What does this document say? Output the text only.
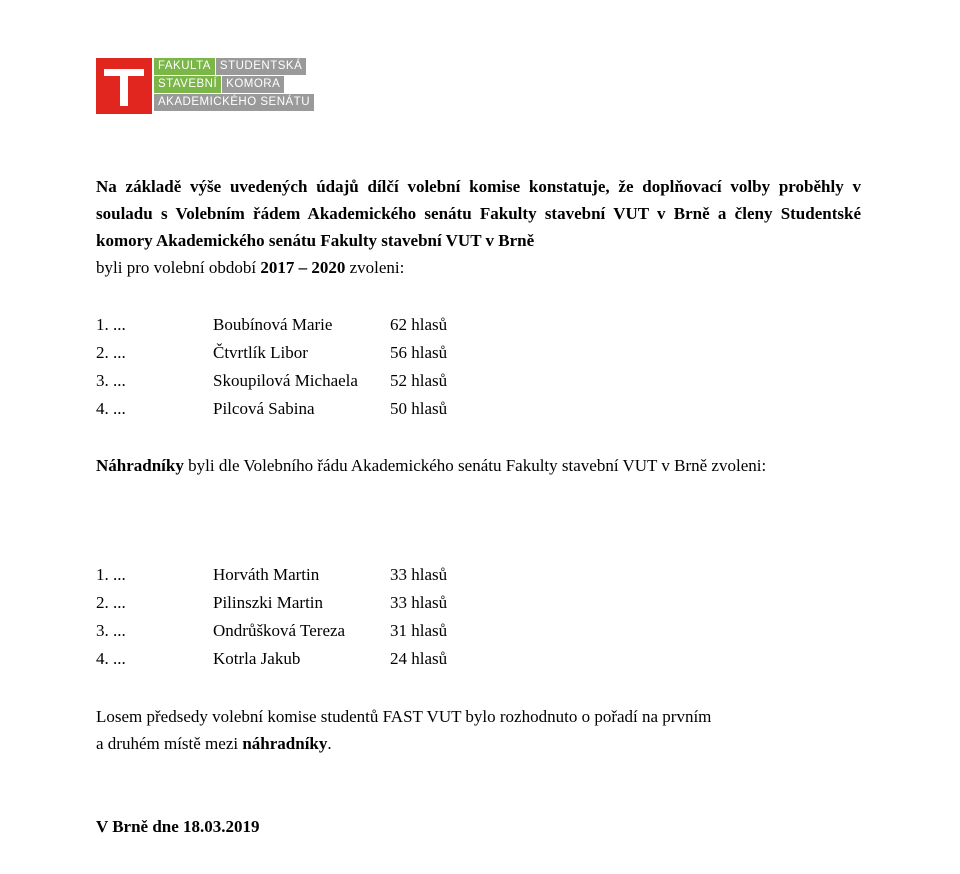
FAKULTA STUDENTSKÁ
STAVEBNÍ KOMORA
AKADEMICKÉHO SENÁTU
Na základě výše uvedených údajů dílčí volební komise konstatuje, že doplňovací volby proběhly v souladu s Volebním řádem Akademického senátu Fakulty stavební VUT v Brně a členy Studentské komory Akademického senátu Fakulty stavební VUT v Brně
byli pro volební období 2017 – 2020 zvoleni:
1. ...	Boubínová Marie	62 hlasů
2. ...	Čtvrtlík Libor	56 hlasů
3. ...	Skoupilová Michaela 52 hlasů
4. ...	Pilcová Sabina	50 hlasů
Náhradníky byli dle Volebního řádu Akademického senátu Fakulty stavební VUT v Brně zvoleni:
1. ...	Horváth Martin	33 hlasů
2. ...	Pilinszki Martin	33 hlasů
3. ...	Ondrůšková Tereza	31 hlasů
4. ...	Kotrla Jakub	24 hlasů
Losem předsedy volební komise studentů FAST VUT bylo rozhodnuto o pořadí na prvním
a druhém místě mezi náhradníky.
V Brně dne 18.03.2019
